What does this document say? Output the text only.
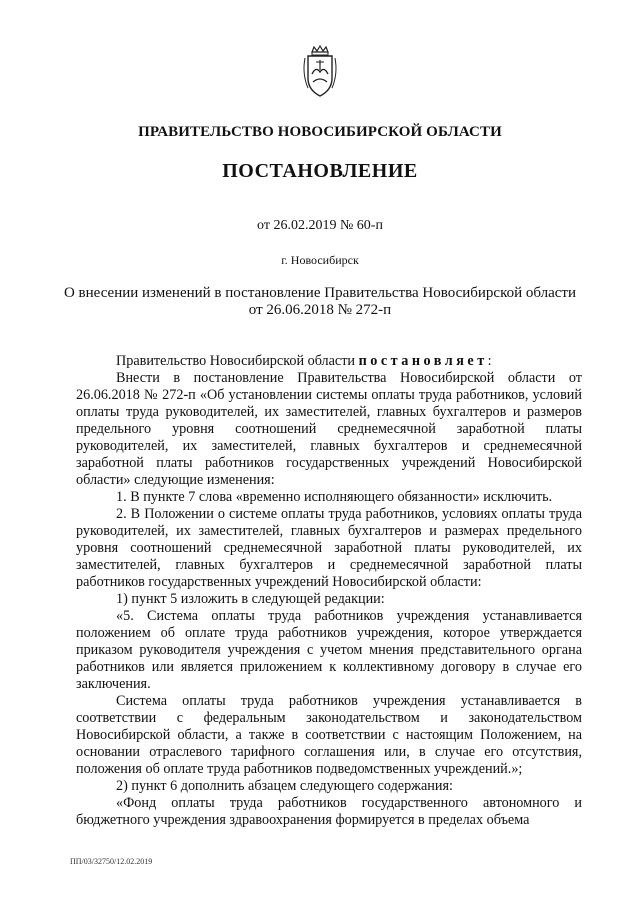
ПРАВИТЕЛЬСТВО НОВОСИБИРСКОЙ ОБЛАСТИ
ПОСТАНОВЛЕНИЕ
от 26.02.2019 № 60-п
г. Новосибирск
О внесении изменений в постановление Правительства Новосибирской области
от 26.06.2018 № 272-п

Правительство Новосибирской области постановляет:

Внести в постановление Правительства Новосибирской области от 26.06.2018 № 272-п «Об установлении системы оплаты труда работников, условий оплаты труда руководителей, их заместителей, главных бухгалтеров и размеров предельного уровня соотношений среднемесячной заработной платы руководителей, их заместителей, главных бухгалтеров и среднемесячной заработной платы работников государственных учреждений Новосибирской области» следующие изменения:

1. В пункте 7 слова «временно исполняющего обязанности» исключить.

2. В Положении о системе оплаты труда работников, условиях оплаты труда руководителей, их заместителей, главных бухгалтеров и размерах предельного уровня соотношений среднемесячной заработной платы руководителей, их заместителей, главных бухгалтеров и среднемесячной заработной платы работников государственных учреждений Новосибирской области:

1) пункт 5 изложить в следующей редакции:

«5. Система оплаты труда работников учреждения устанавливается положением об оплате труда работников учреждения, которое утверждается приказом руководителя учреждения с учетом мнения представительного органа работников или является приложением к коллективному договору в случае его заключения.

Система оплаты труда работников учреждения устанавливается в соответствии с федеральным законодательством и законодательством Новосибирской области, а также в соответствии с настоящим Положением, на основании отраслевого тарифного соглашения или, в случае его отсутствия, положения об оплате труда работников подведомственных учреждений.»;

2) пункт 6 дополнить абзацем следующего содержания:

«Фонд оплаты труда работников государственного автономного и бюджетного учреждения здравоохранения формируется в пределах объема

ПП/03/32750/12.02.2019
